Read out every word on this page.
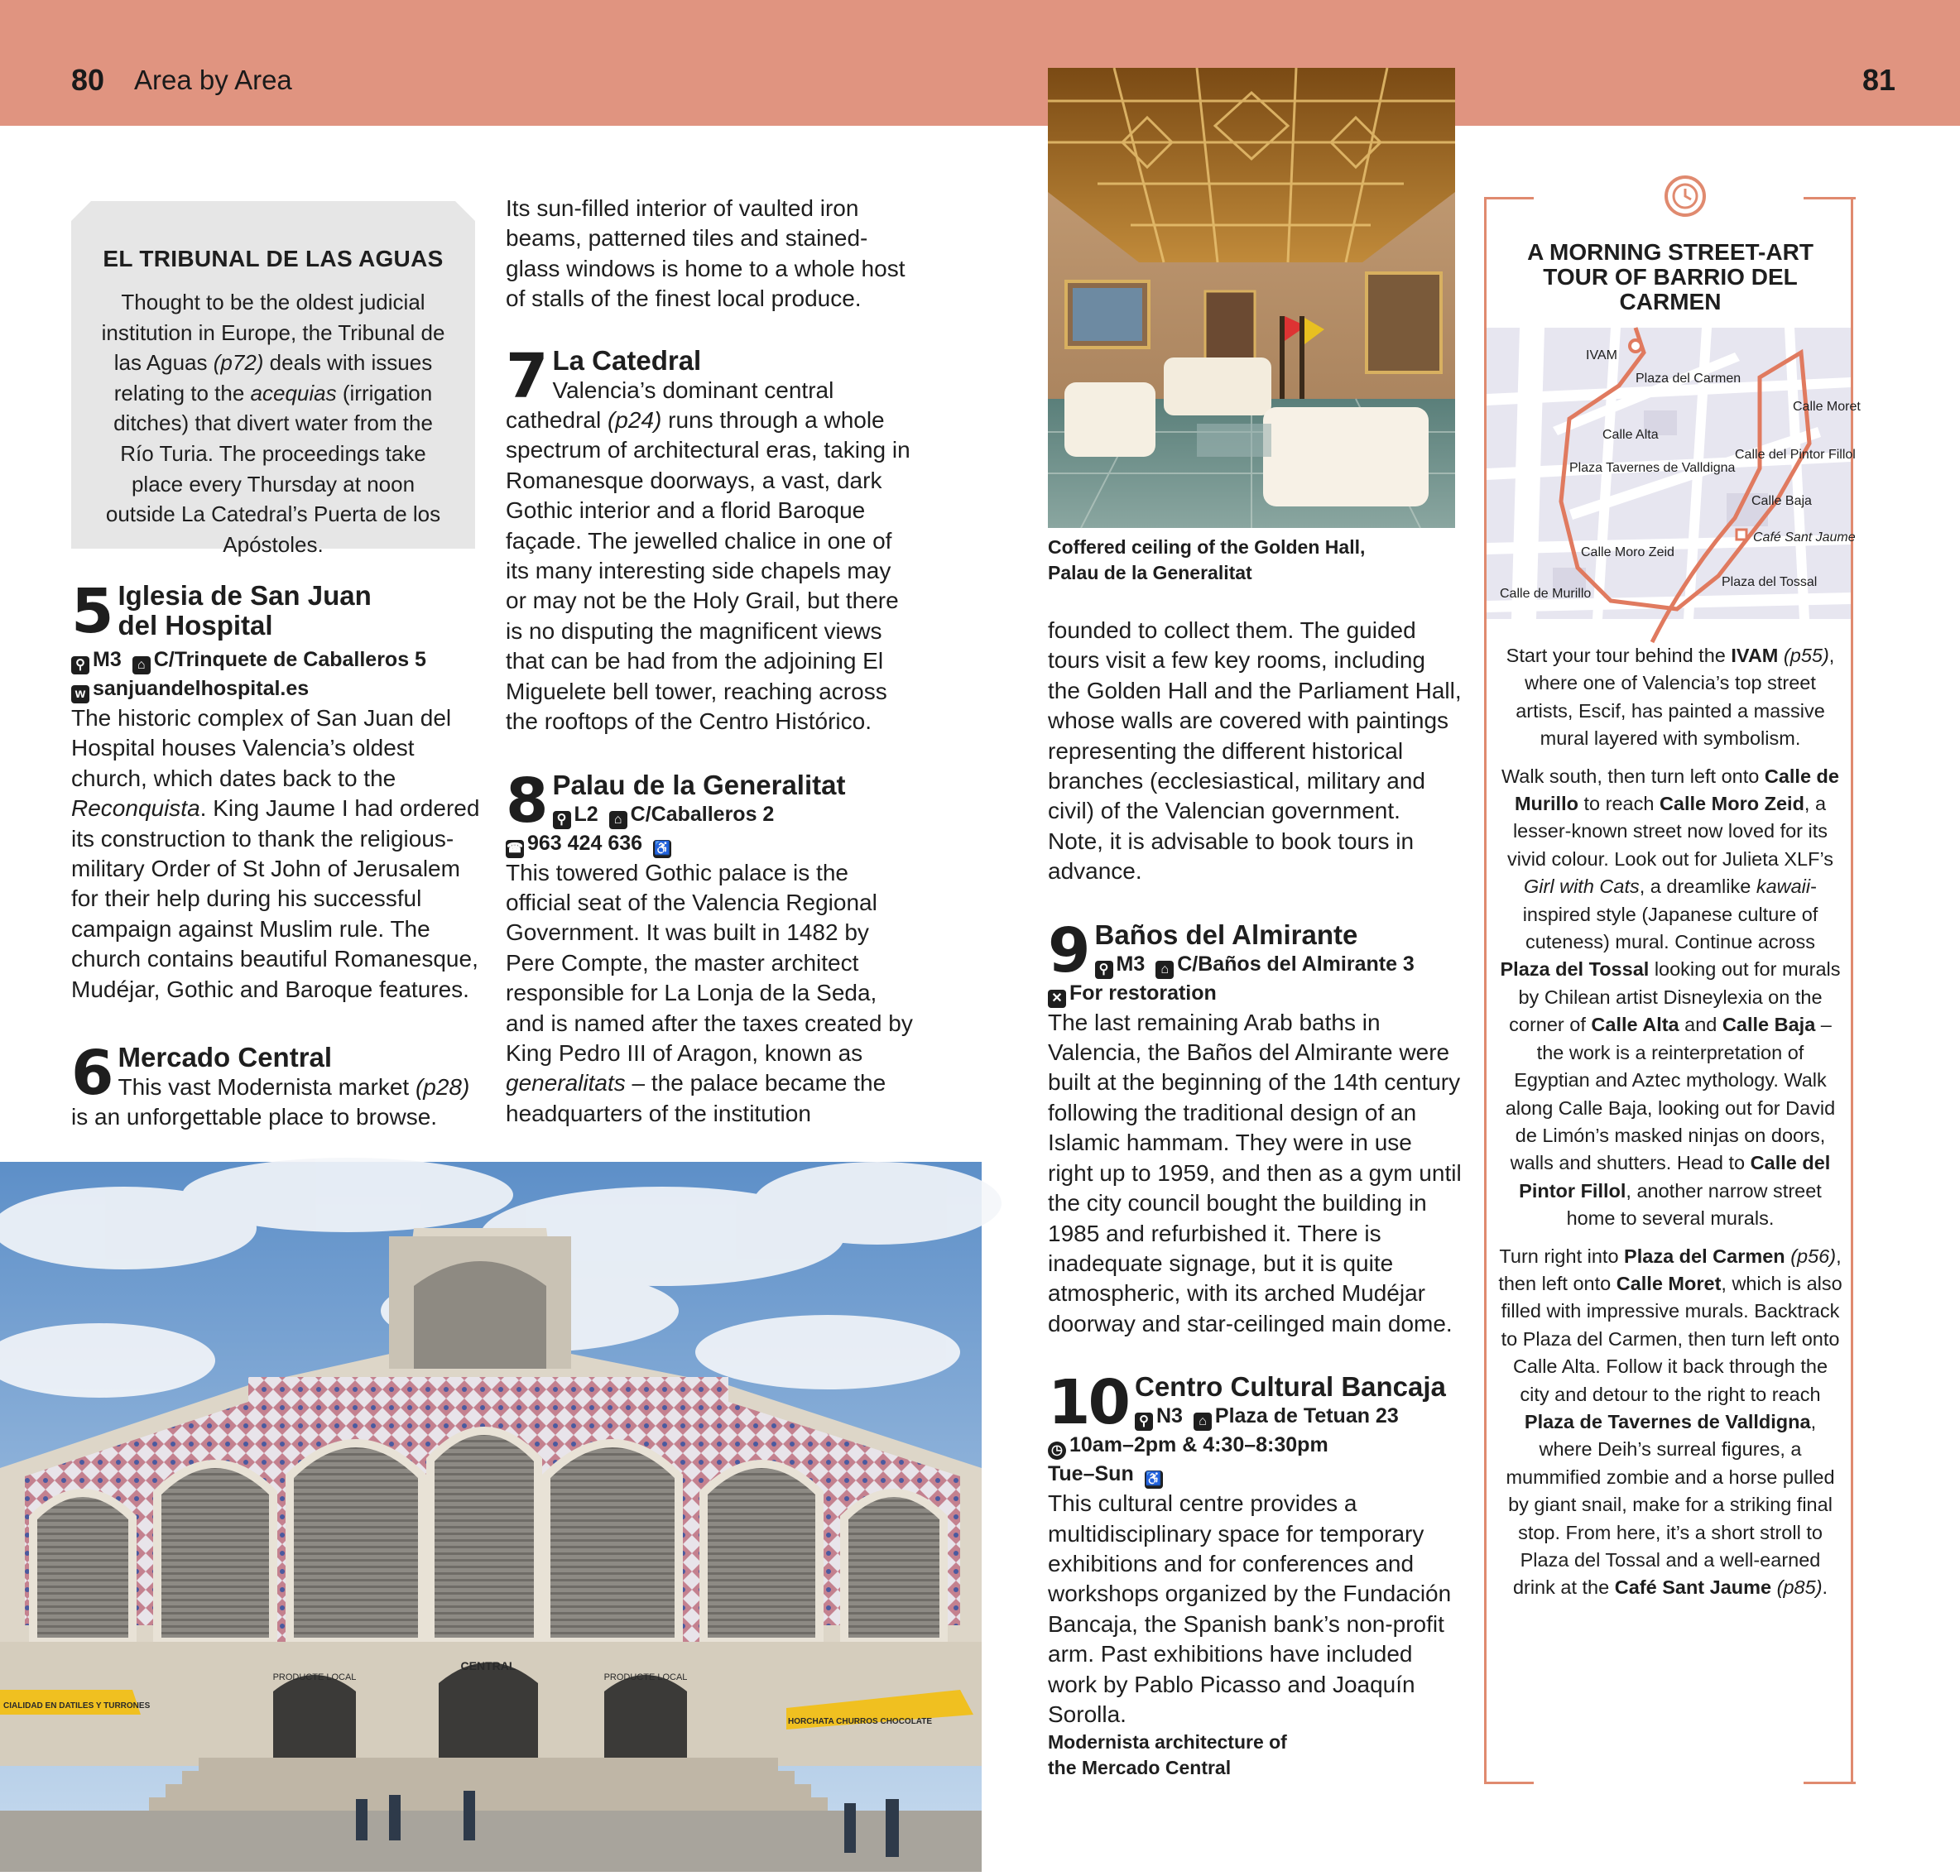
80 Area by Area	81
EL TRIBUNAL DE LAS AGUAS
Thought to be the oldest judicial institution in Europe, the Tribunal de las Aguas (p72) deals with issues relating to the acequias (irrigation ditches) that divert water from the Río Turia. The proceedings take place every Thursday at noon outside La Catedral’s Puerta de los Apóstoles.
5 Iglesia de San Juan
del Hospital
⚲ M3 ⌂ C/Trinquete de Caballeros 5
w sanjuandelhospital.es

The historic complex of San Juan del Hospital houses Valencia’s oldest church, which dates back to the Reconquista. King Jaume I had ordered its construction to thank the religious-military Order of St John of Jerusalem for their help during his successful campaign against Muslim rule. The church contains beautiful Romanesque, Mudéjar, Gothic and Baroque features.

6 Mercado Central

This vast Modernista market (p28) is an unforgettable place to browse.

Its sun-filled interior of vaulted iron beams, patterned tiles and stained-glass windows is home to a whole host of stalls of the finest local produce.

7 La Catedral

Valencia’s dominant central cathedral (p24) runs through a whole spectrum of architectural eras, taking in Romanesque doorways, a vast, dark Gothic interior and a florid Baroque façade. The jewelled chalice in one of its many interesting side chapels may or may not be the Holy Grail, but there is no disputing the magnificent views that can be had from the adjoining El Miguelete bell tower, reaching across the rooftops of the Centro Histórico.

8 Palau de la Generalitat
⚲ L2 ⌂ C/Caballeros 2
☎ 963 424 636 ♿

This towered Gothic palace is the official seat of the Valencia Regional Government. It was built in 1482 by Pere Compte, the master architect responsible for La Lonja de la Seda, and is named after the taxes created by King Pedro III of Aragon, known as generalitats – the palace became the headquarters of the institution

Coffered ceiling of the Golden Hall, Palau de la Generalitat

founded to collect them. The guided tours visit a few key rooms, including the Golden Hall and the Parliament Hall, whose walls are covered with paintings representing the different historical branches (ecclesiastical, military and civil) of the Valencian government. Note, it is advisable to book tours in advance.

9 Baños del Almirante
⚲ M3 ⌂ C/Baños del Almirante 3
✕ For restoration

The last remaining Arab baths in Valencia, the Baños del Almirante were built at the beginning of the 14th century following the traditional design of an Islamic hammam. They were in use right up to 1959, and then as a gym until the city council bought the building in 1985 and refurbished it. There is inadequate signage, but it is quite atmospheric, with its arched Mudéjar doorway and star-ceilinged main dome.

10 Centro Cultural Bancaja
⚲ N3 ⌂ Plaza de Tetuan 23
◷ 10am–2pm & 4:30–8:30pm
Tue–Sun ♿

This cultural centre provides a multidisciplinary space for temporary exhibitions and for conferences and workshops organized by the Fundación Bancaja, the Spanish bank’s non-profit arm. Past exhibitions have included work by Pablo Picasso and Joaquín Sorolla.

Modernista architecture of the Mercado Central
PRODUCTE LOCAL
CENTRAL
PRODUCTE LOCAL
CIALIDAD EN DATILES Y TURRONES
HORCHATA CHURROS CHOCOLATE
A MORNING STREET-ART TOUR OF BARRIO DEL CARMEN
IVAM
Plaza del Carmen
Calle Moret
Calle Alta
Plaza Tavernes de Valldigna
Calle del Pintor Fillol
Calle Baja
Café Sant Jaume
Calle Moro Zeid
Plaza del Tossal
Calle de Murillo

Start your tour behind the IVAM (p55), where one of Valencia’s top street artists, Escif, has painted a massive mural layered with symbolism.

Walk south, then turn left onto Calle de Murillo to reach Calle Moro Zeid, a lesser-known street now loved for its vivid colour. Look out for Julieta XLF’s Girl with Cats, a dreamlike kawaii-inspired style (Japanese culture of cuteness) mural. Continue across Plaza del Tossal looking out for murals by Chilean artist Disneylexia on the corner of Calle Alta and Calle Baja – the work is a reinterpretation of Egyptian and Aztec mythology. Walk along Calle Baja, looking out for David de Limón’s masked ninjas on doors, walls and shutters. Head to Calle del Pintor Fillol, another narrow street home to several murals.

Turn right into Plaza del Carmen (p56), then left onto Calle Moret, which is also filled with impressive murals. Backtrack to Plaza del Carmen, then turn left onto Calle Alta. Follow it back through the city and detour to the right to reach Plaza de Tavernes de Valldigna, where Deih’s surreal figures, a mummified zombie and a horse pulled by giant snail, make for a striking final stop. From here, it’s a short stroll to Plaza del Tossal and a well-earned drink at the Café Sant Jaume (p85).
